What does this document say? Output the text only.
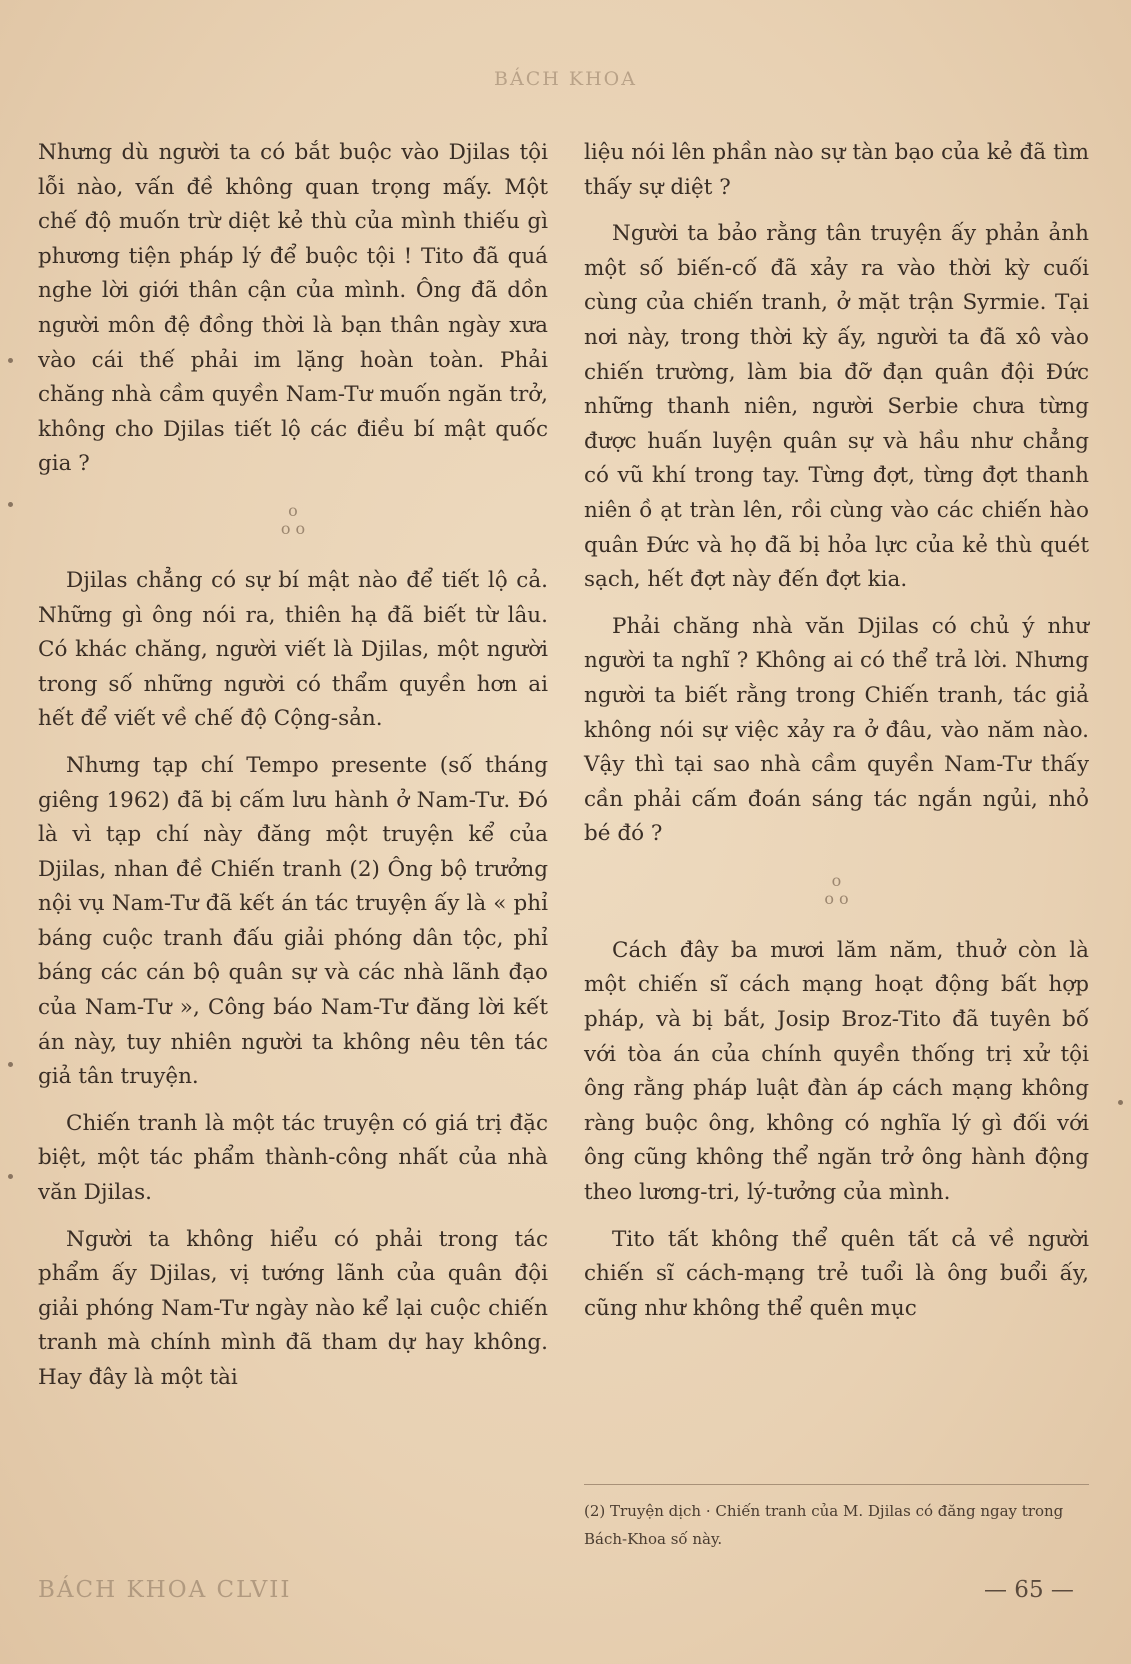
BÁCH KHOA

Nhưng dù người ta có bắt buộc vào Djilas tội lỗi nào, vấn đề không quan trọng mấy. Một chế độ muốn trừ diệt kẻ thù của mình thiếu gì phương tiện pháp lý để buộc tội ! Tito đã quá nghe lời giới thân cận của mình. Ông đã dồn người môn đệ đồng thời là bạn thân ngày xưa vào cái thế phải im lặng hoàn toàn. Phải chăng nhà cầm quyền Nam-Tư muốn ngăn trở, không cho Djilas tiết lộ các điều bí mật quốc gia ?

o
o o

Djilas chẳng có sự bí mật nào để tiết lộ cả. Những gì ông nói ra, thiên hạ đã biết từ lâu. Có khác chăng, người viết là Djilas, một người trong số những người có thẩm quyền hơn ai hết để viết về chế độ Cộng-sản.

Nhưng tạp chí Tempo presente (số tháng giêng 1962) đã bị cấm lưu hành ở Nam-Tư. Đó là vì tạp chí này đăng một truyện kể của Djilas, nhan đề Chiến tranh (2) Ông bộ trưởng nội vụ Nam-Tư đã kết án tác truyện ấy là « phỉ báng cuộc tranh đấu giải phóng dân tộc, phỉ báng các cán bộ quân sự và các nhà lãnh đạo của Nam-Tư », Công báo Nam-Tư đăng lời kết án này, tuy nhiên người ta không nêu tên tác giả tân truyện.

Chiến tranh là một tác truyện có giá trị đặc biệt, một tác phẩm thành-công nhất của nhà văn Djilas.

Người ta không hiểu có phải trong tác phẩm ấy Djilas, vị tướng lãnh của quân đội giải phóng Nam-Tư ngày nào kể lại cuộc chiến tranh mà chính mình đã tham dự hay không. Hay đây là một tài

liệu nói lên phần nào sự tàn bạo của kẻ đã tìm thấy sự diệt ?

Người ta bảo rằng tân truyện ấy phản ảnh một số biến-cố đã xảy ra vào thời kỳ cuối cùng của chiến tranh, ở mặt trận Syrmie. Tại nơi này, trong thời kỳ ấy, người ta đã xô vào chiến trường, làm bia đỡ đạn quân đội Đức những thanh niên, người Serbie chưa từng được huấn luyện quân sự và hầu như chẳng có vũ khí trong tay. Từng đợt, từng đợt thanh niên ồ ạt tràn lên, rồi cùng vào các chiến hào quân Đức và họ đã bị hỏa lực của kẻ thù quét sạch, hết đợt này đến đợt kia.

Phải chăng nhà văn Djilas có chủ ý như người ta nghĩ ? Không ai có thể trả lời. Nhưng người ta biết rằng trong Chiến tranh, tác giả không nói sự việc xảy ra ở đâu, vào năm nào. Vậy thì tại sao nhà cầm quyền Nam-Tư thấy cần phải cấm đoán sáng tác ngắn ngủi, nhỏ bé đó ?

o
o o

Cách đây ba mươi lăm năm, thuở còn là một chiến sĩ cách mạng hoạt động bất hợp pháp, và bị bắt, Josip Broz-Tito đã tuyên bố với tòa án của chính quyền thống trị xử tội ông rằng pháp luật đàn áp cách mạng không ràng buộc ông, không có nghĩa lý gì đối với ông cũng không thể ngăn trở ông hành động theo lương-tri, lý-tưởng của mình.

Tito tất không thể quên tất cả về người chiến sĩ cách-mạng trẻ tuổi là ông buổi ấy, cũng như không thể quên mục

(2) Truyện dịch · Chiến tranh của M. Djilas có đăng ngay trong Bách-Khoa số này.
BÁCH KHOA CLVII	— 65 —
